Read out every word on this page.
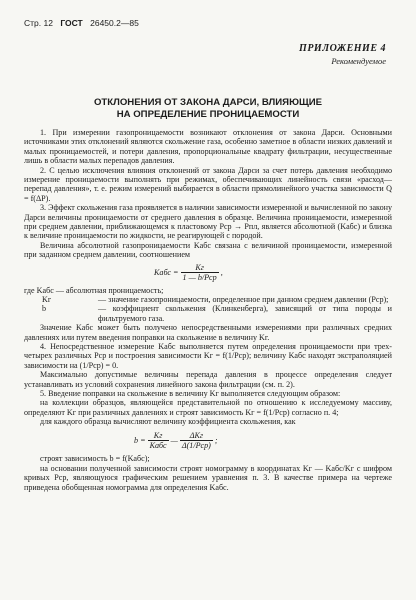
Стр. 12 ГОСТ 26450.2—85
ПРИЛОЖЕНИЕ 4
Рекомендуемое
ОТКЛОНЕНИЯ ОТ ЗАКОНА ДАРСИ, ВЛИЯЮЩИЕ
НА ОПРЕДЕЛЕНИЕ ПРОНИЦАЕМОСТИ

1. При измерении газопроницаемости возникают отклонения от закона Дарси. Основными источниками этих отклонений являются скольжение газа, особенно заметное в области низких давлений и малых проницаемостей, и потери давления, пропорциональные квадрату фильтрации, несущественные лишь в области малых перепадов давления.

2. С целью исключения влияния отклонений от закона Дарси за счет потерь давления необходимо измерение проницаемости выполнять при режимах, обеспечивающих линейность связи «расход—перепад давления», т. е. режим измерений выбирается в области прямолинейного участка зависимости Q = f(ΔP).

3. Эффект скольжения газа проявляется в наличии зависимости измеренной и вычисленной по закону Дарси величины проницаемости от среднего давления в образце. Величина проницаемости, измеренной при среднем давлении, приближающемся к пластовому Pср → Pпл, является абсолютной (Kабс) и близка к величине проницаемости по жидкости, не реагирующей с породой.

Величина абсолютной газопроницаемости Kабс связана с величиной проницаемости, измеренной при заданном среднем давлении, соотношением

Kабс = $\frac{Kг}{\text{1 — b/Pср}}$ ,

где Kабс — абсолютная проницаемость;

Kг	— значение газопроницаемости, определенное при данном среднем давлении (Pср);
b	— коэффициент скольжения (Клинкенберга), зависящий от типа породы и фильтруемого газа.

Значение Kабс может быть получено непосредственными измерениями при различных средних давлениях или путем введения поправки на скольжение в величину Kг.

4. Непосредственное измерение Kабс выполняется путем определения проницаемости при трех-четырех различных Pср и построения зависимости Kг = f(1/Pср); величину Kабс находят экстраполяцией зависимости на (1/Pср) = 0.

Максимально допустимые величины перепада давления в процессе определения следует устанавливать из условий сохранения линейного закона фильтрации (см. п. 2).

5. Введение поправки на скольжение в величину Kг выполняется следующим образом:

на коллекции образцов, являющейся представительной по отношению к исследуемому массиву, определяют Kг при различных давлениях и строят зависимость Kг = f(1/Pср) согласно п. 4;

для каждого образца вычисляют величину коэффициента скольжения, как

$b = \frac{Kг}{\text{Kабс}}$ — $\frac{\text{ΔKг}}{\text{Δ(1/Pср)}}$ ;

строят зависимость b = f(Kабс);

на основании полученной зависимости строят номограмму в координатах Kг — Kабс/Kг с шифром кривых Pср, являющуюся графическим решением уравнения п. 3. В качестве примера на чертеже приведена обобщенная номограмма для определения Kабс.
